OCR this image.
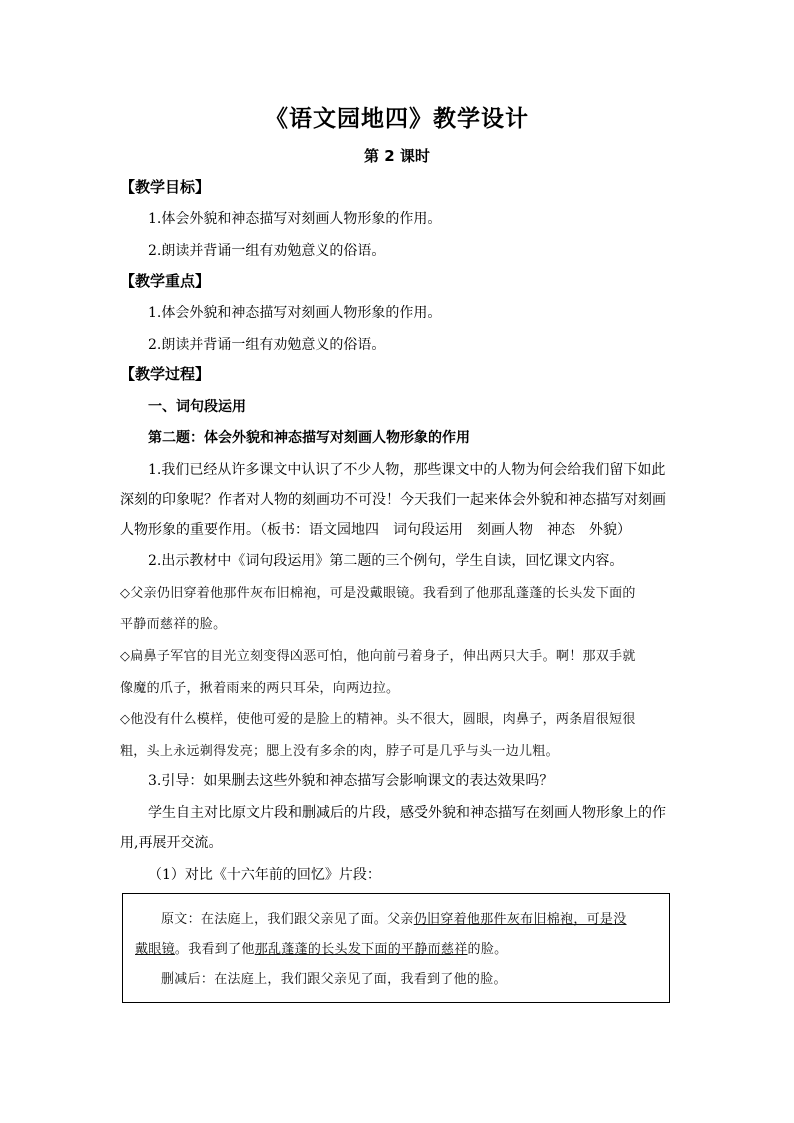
《语文园地四》教学设计
第 2 课时
【教学目标】
1.体会外貌和神态描写对刻画人物形象的作用。
2.朗读并背诵一组有劝勉意义的俗语。
【教学重点】
1.体会外貌和神态描写对刻画人物形象的作用。
2.朗读并背诵一组有劝勉意义的俗语。
【教学过程】
一、词句段运用
第二题：体会外貌和神态描写对刻画人物形象的作用
1.我们已经从许多课文中认识了不少人物，那些课文中的人物为何会给我们留下如此
深刻的印象呢？作者对人物的刻画功不可没！今天我们一起来体会外貌和神态描写对刻画
人物形象的重要作用。（板书：语文园地四　词句段运用　刻画人物　神态　外貌）
2.出示教材中《词句段运用》第二题的三个例句，学生自读，回忆课文内容。
◇父亲仍旧穿着他那件灰布旧棉袍，可是没戴眼镜。我看到了他那乱蓬蓬的长头发下面的
平静而慈祥的脸。
◇扁鼻子军官的目光立刻变得凶恶可怕，他向前弓着身子，伸出两只大手。啊！那双手就
像魔的爪子，揪着雨来的两只耳朵，向两边拉。
◇他没有什么模样，使他可爱的是脸上的精神。头不很大，圆眼，肉鼻子，两条眉很短很
粗，头上永远剃得发亮；腮上没有多余的肉，脖子可是几乎与头一边儿粗。
3.引导：如果删去这些外貌和神态描写会影响课文的表达效果吗？
学生自主对比原文片段和删减后的片段，感受外貌和神态描写在刻画人物形象上的作
用,再展开交流。
（1）对比《十六年前的回忆》片段：
原文：在法庭上，我们跟父亲见了面。父亲仍旧穿着他那件灰布旧棉袍，可是没
戴眼镜。我看到了他那乱蓬蓬的长头发下面的平静而慈祥的脸。
删减后：在法庭上，我们跟父亲见了面，我看到了他的脸。
